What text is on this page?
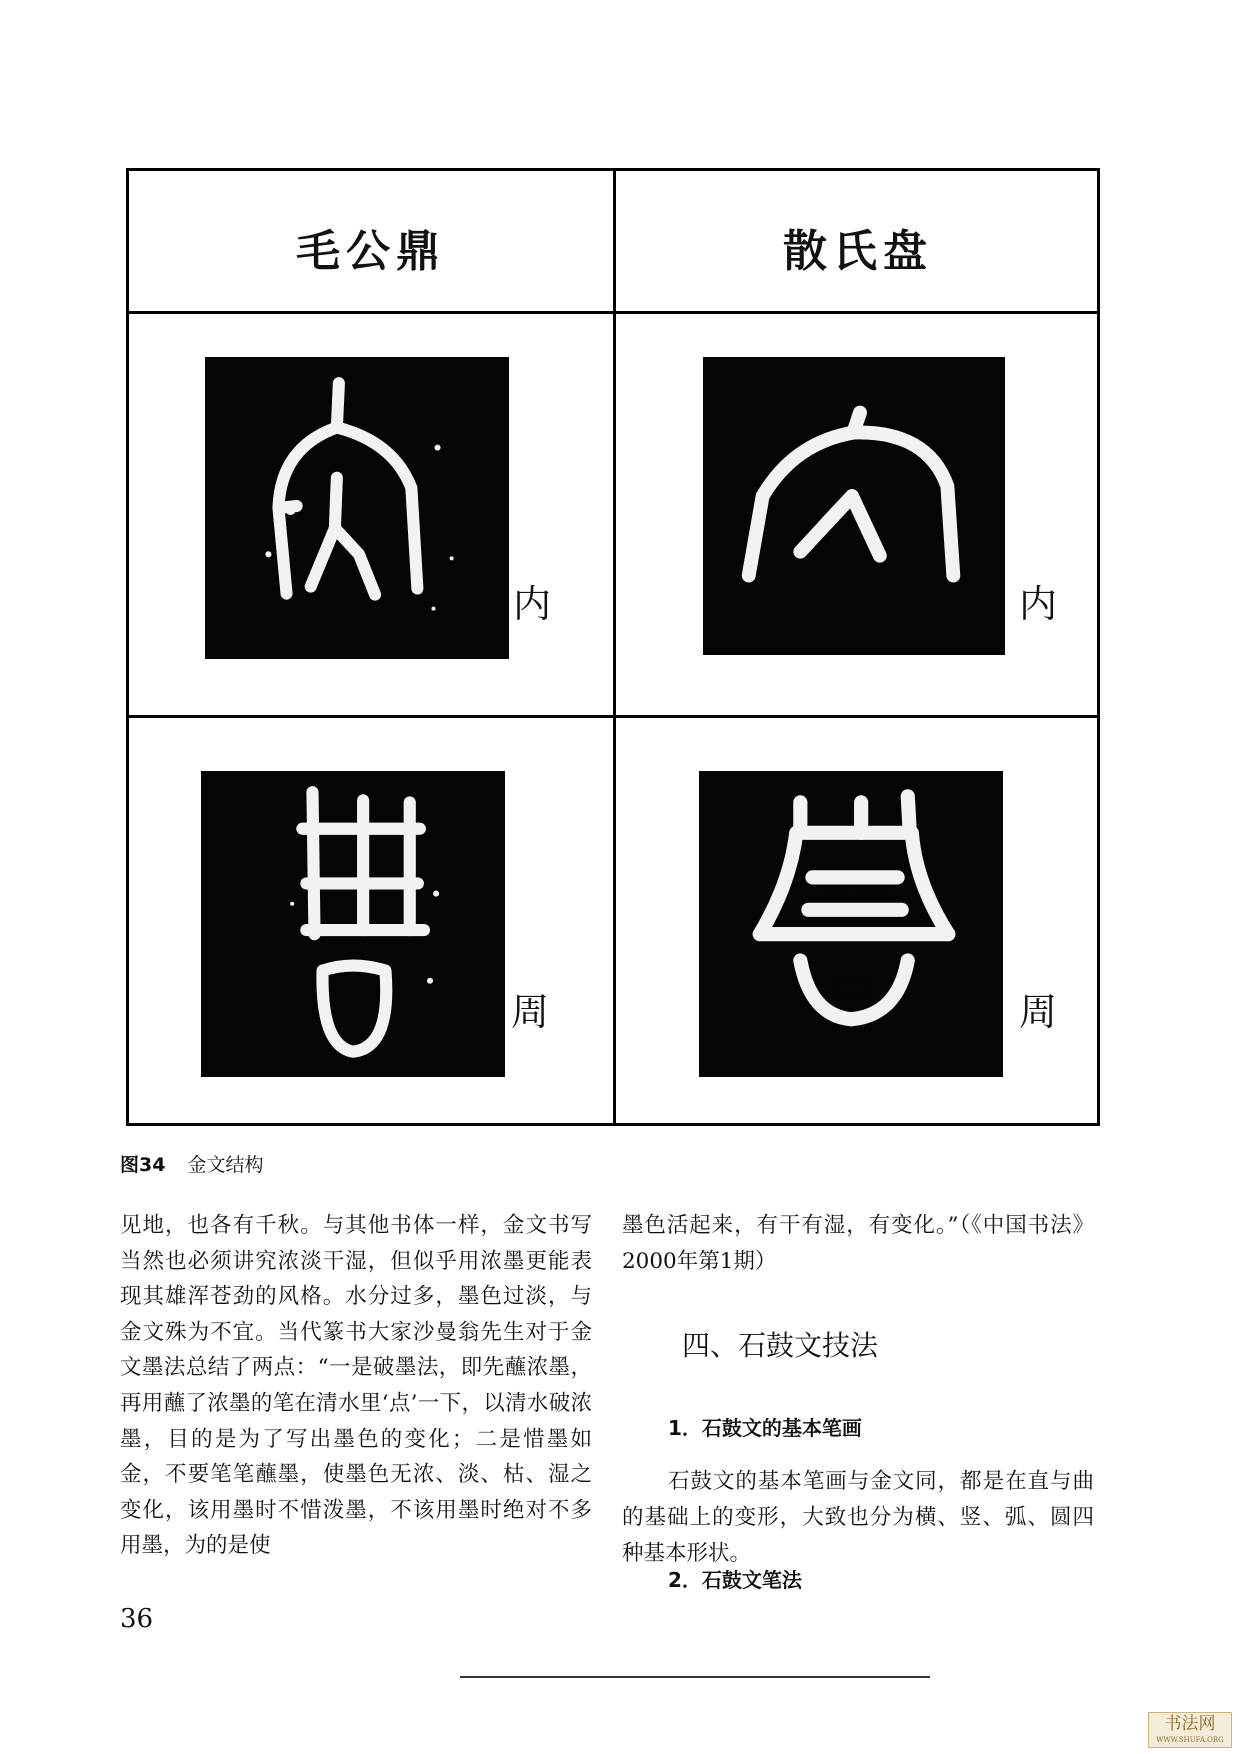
毛公鼎	散氏盘
内	内
周	周
图34 金文结构
见地，也各有千秋。与其他书体一样，金文书写当然也必须讲究浓淡干湿，但似乎用浓墨更能表现其雄浑苍劲的风格。水分过多，墨色过淡，与金文殊为不宜。当代篆书大家沙曼翁先生对于金文墨法总结了两点：“一是破墨法，即先蘸浓墨，再用蘸了浓墨的笔在清水里‘点’一下，以清水破浓墨，目的是为了写出墨色的变化；二是惜墨如金，不要笔笔蘸墨，使墨色无浓、淡、枯、湿之变化，该用墨时不惜泼墨，不该用墨时绝对不多用墨，为的是使
墨色活起来，有干有湿，有变化。”（《中国书法》2000年第1期）
四、石鼓文技法
1．石鼓文的基本笔画
石鼓文的基本笔画与金文同，都是在直与曲的基础上的变形，大致也分为横、竖、弧、圆四种基本形状。
2．石鼓文笔法
36
书法网
WWW.SHUFA.ORG
